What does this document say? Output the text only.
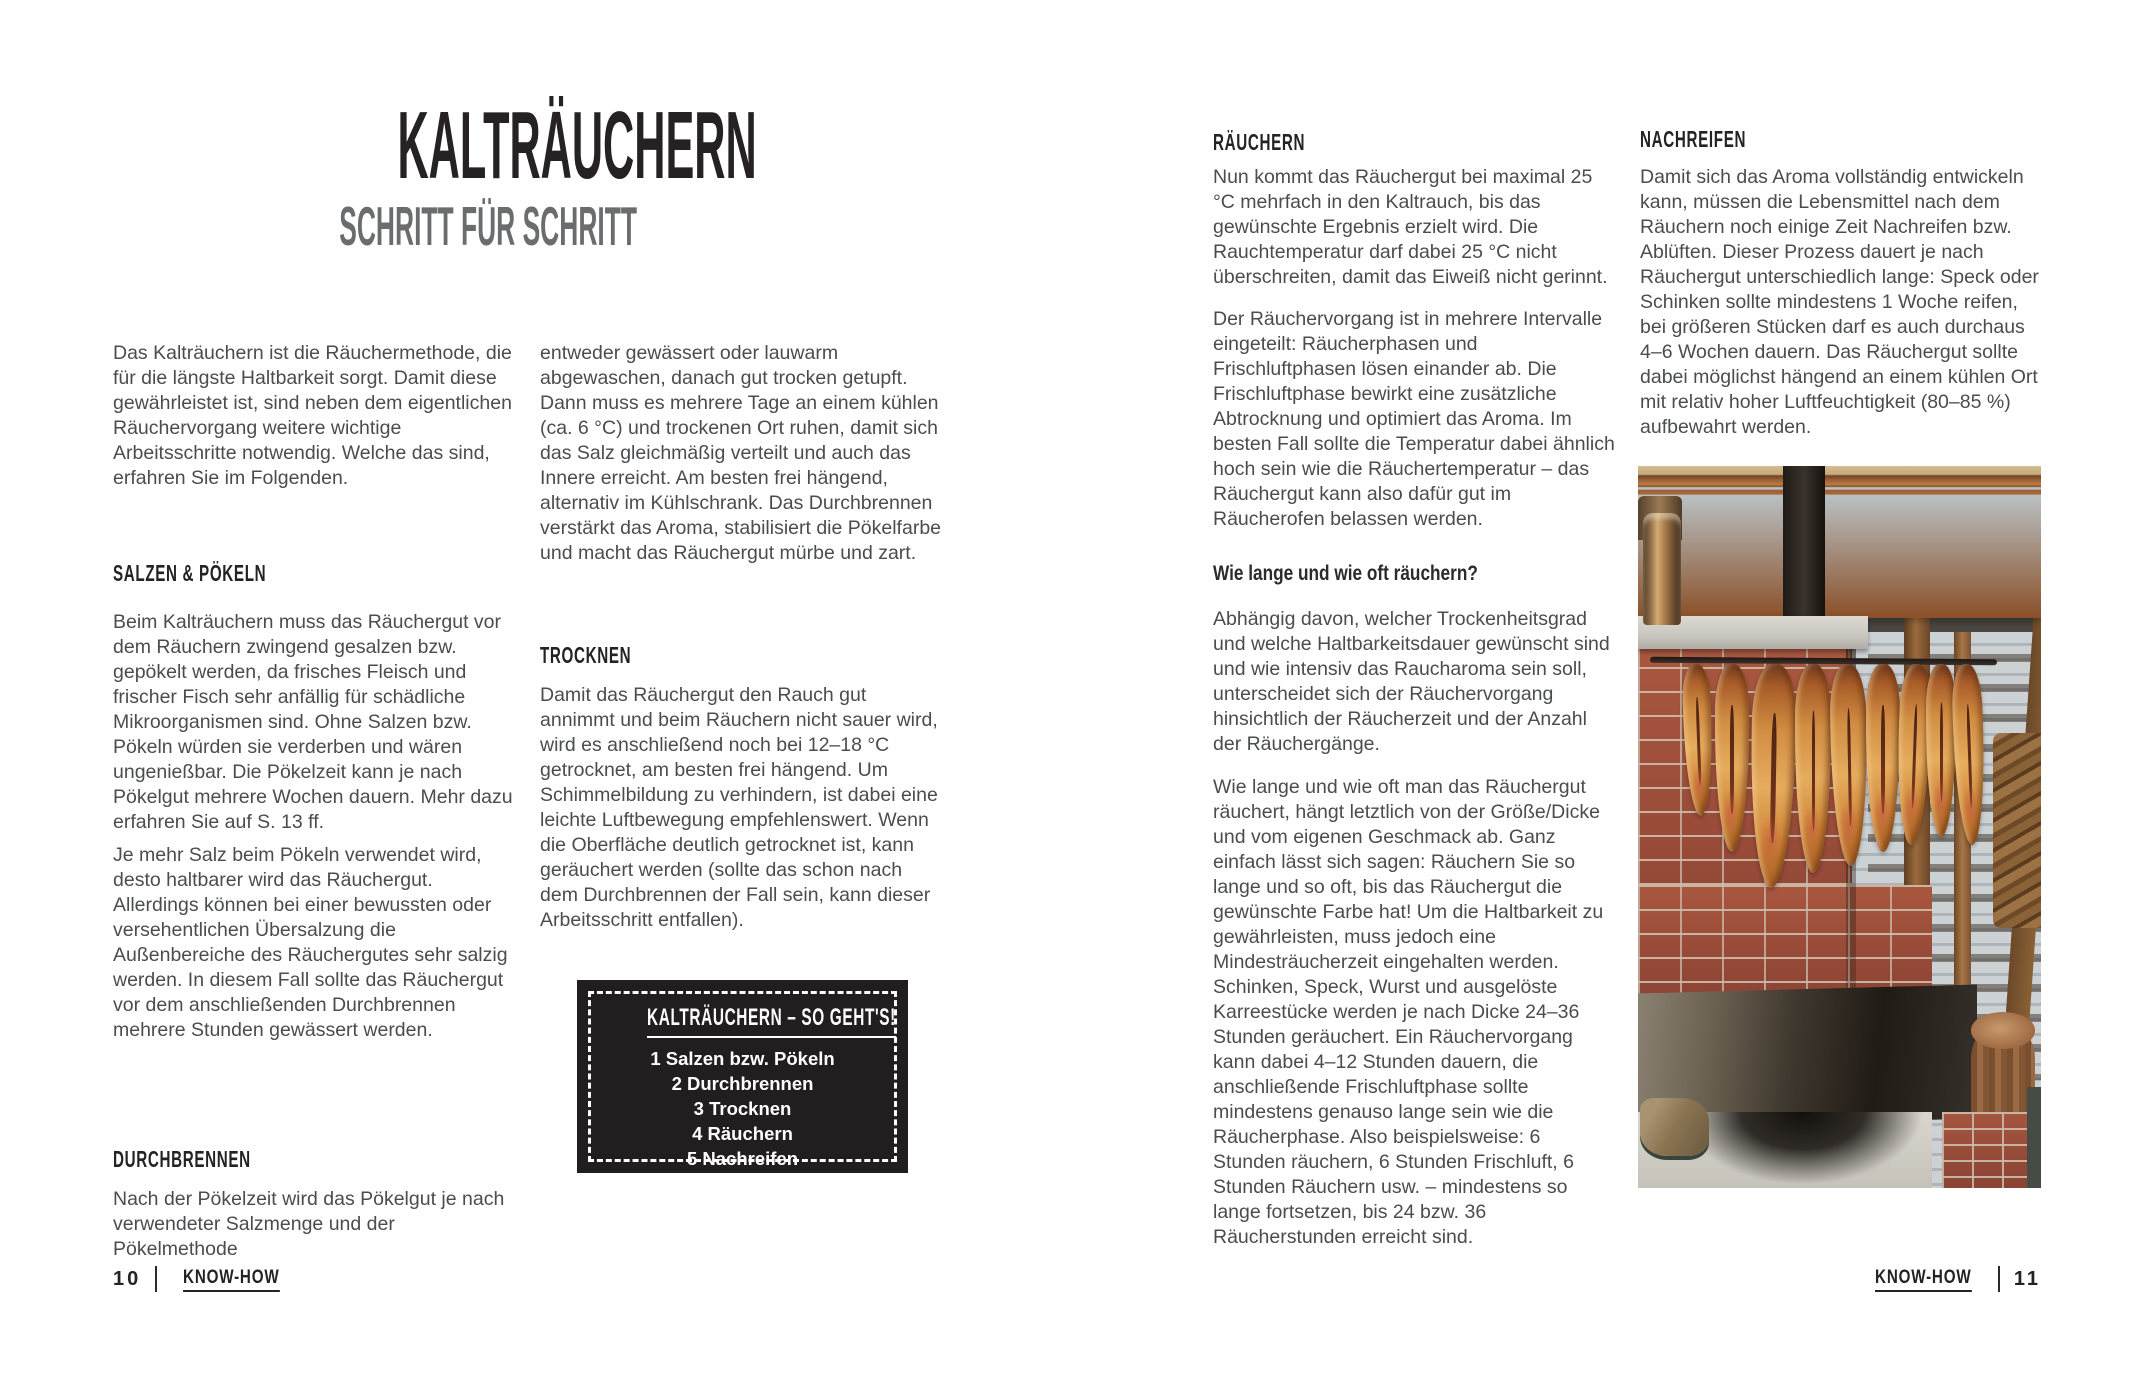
KALTRÄUCHERN
SCHRITT FÜR SCHRITT

Das Kalträuchern ist die Räuchermethode, die für die längste Haltbarkeit sorgt. Damit diese gewährleistet ist, sind neben dem eigentlichen Räuchervorgang weitere wichtige Arbeitsschritte notwendig. Welche das sind, erfahren Sie im Folgenden.

SALZEN & PÖKELN

Beim Kalträuchern muss das Räuchergut vor dem Räuchern zwingend gesalzen bzw. gepökelt werden, da frisches Fleisch und frischer Fisch sehr anfällig für schädliche Mikroorganismen sind. Ohne Salzen bzw. Pökeln würden sie verderben und wären ungenießbar. Die Pökelzeit kann je nach Pökelgut mehrere Wochen dauern. Mehr dazu erfahren Sie auf S. 13 ff.

Je mehr Salz beim Pökeln verwendet wird, desto haltbarer wird das Räuchergut. Allerdings können bei einer bewussten oder versehentlichen Übersalzung die Außenbereiche des Räuchergutes sehr salzig werden. In diesem Fall sollte das Räuchergut vor dem anschließenden Durchbrennen mehrere Stunden gewässert werden.

DURCHBRENNEN

Nach der Pökelzeit wird das Pökelgut je nach verwendeter Salzmenge und der Pökelmethode

entweder gewässert oder lauwarm abgewaschen, danach gut trocken getupft. Dann muss es mehrere Tage an einem kühlen (ca. 6 °C) und trockenen Ort ruhen, damit sich das Salz gleichmäßig verteilt und auch das Innere erreicht. Am besten frei hängend, alternativ im Kühlschrank. Das Durchbrennen verstärkt das Aroma, stabilisiert die Pökelfarbe und macht das Räuchergut mürbe und zart.

TROCKNEN

Damit das Räuchergut den Rauch gut annimmt und beim Räuchern nicht sauer wird, wird es anschließend noch bei 12–18 °C getrocknet, am besten frei hängend. Um Schimmelbildung zu verhindern, ist dabei eine leichte Luftbewegung empfehlenswert. Wenn die Oberfläche deutlich getrocknet ist, kann geräuchert werden (sollte das schon nach dem Durchbrennen der Fall sein, kann dieser Arbeitsschritt entfallen).

KALTRÄUCHERN – SO GEHT'S!
1 Salzen bzw. Pökeln
2 Durchbrennen
3 Trocknen
4 Räuchern
5 Nachreifen
RÄUCHERN

Nun kommt das Räuchergut bei maximal 25 °C mehrfach in den Kaltrauch, bis das gewünschte Ergebnis erzielt wird. Die Rauchtemperatur darf dabei 25 °C nicht überschreiten, damit das Eiweiß nicht gerinnt.

Der Räuchervorgang ist in mehrere Intervalle eingeteilt: Räucherphasen und Frischluftphasen lösen einander ab. Die Frischluftphase bewirkt eine zusätzliche Abtrocknung und optimiert das Aroma. Im besten Fall sollte die Temperatur dabei ähnlich hoch sein wie die Räuchertemperatur – das Räuchergut kann also dafür gut im Räucherofen belassen werden.

Wie lange und wie oft räuchern?

Abhängig davon, welcher Trockenheitsgrad und welche Haltbarkeitsdauer gewünscht sind und wie intensiv das Raucharoma sein soll, unterscheidet sich der Räuchervorgang hinsichtlich der Räucherzeit und der Anzahl der Räuchergänge.

Wie lange und wie oft man das Räuchergut räuchert, hängt letztlich von der Größe/Dicke und vom eigenen Geschmack ab. Ganz einfach lässt sich sagen: Räuchern Sie so lange und so oft, bis das Räuchergut die gewünschte Farbe hat! Um die Haltbarkeit zu gewährleisten, muss jedoch eine Mindesträucherzeit eingehalten werden. Schinken, Speck, Wurst und ausgelöste Karreestücke werden je nach Dicke 24–36 Stunden geräuchert. Ein Räuchervorgang kann dabei 4–12 Stunden dauern, die anschließende Frischluftphase sollte mindestens genauso lange sein wie die Räucherphase. Also beispielsweise: 6 Stunden räuchern, 6 Stunden Frischluft, 6 Stunden Räuchern usw. – mindestens so lange fortsetzen, bis 24 bzw. 36 Räucherstunden erreicht sind.

NACHREIFEN

Damit sich das Aroma vollständig entwickeln kann, müssen die Lebensmittel nach dem Räuchern noch einige Zeit Nachreifen bzw. Ablüften. Dieser Prozess dauert je nach Räuchergut unterschiedlich lange: Speck oder Schinken sollte mindestens 1 Woche reifen, bei größeren Stücken darf es auch durchaus 4–6 Wochen dauern. Das Räuchergut sollte dabei möglichst hängend an einem kühlen Ort mit relativ hoher Luftfeuchtigkeit (80–85 %) aufbewahrt werden.

10 KNOW-HOW	KNOW-HOW 11
